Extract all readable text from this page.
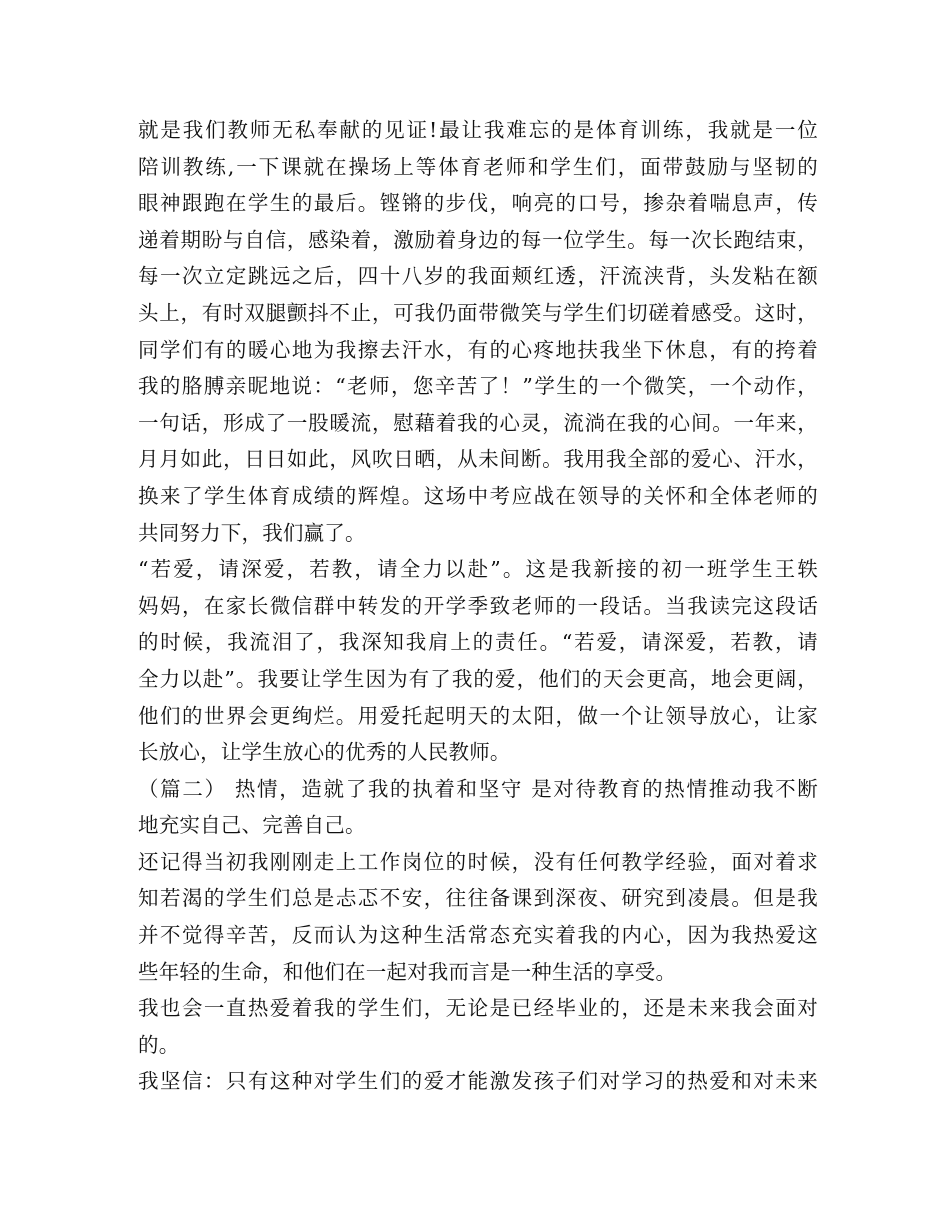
就是我们教师无私奉献的见证!最让我难忘的是体育训练，我就是一位
陪训教练,一下课就在操场上等体育老师和学生们，面带鼓励与坚韧的
眼神跟跑在学生的最后。铿锵的步伐，响亮的口号，掺杂着喘息声，传
递着期盼与自信，感染着，激励着身边的每一位学生。每一次长跑结束，
每一次立定跳远之后，四十八岁的我面颊红透，汗流浃背，头发粘在额
头上，有时双腿颤抖不止，可我仍面带微笑与学生们切磋着感受。这时，
同学们有的暖心地为我擦去汗水，有的心疼地扶我坐下休息，有的挎着
我的胳膊亲昵地说：“老师，您辛苦了！”学生的一个微笑，一个动作，
一句话，形成了一股暖流，慰藉着我的心灵，流淌在我的心间。一年来，
月月如此，日日如此，风吹日晒，从未间断。我用我全部的爱心、汗水，
换来了学生体育成绩的辉煌。这场中考应战在领导的关怀和全体老师的
共同努力下，我们赢了。
“若爱，请深爱，若教，请全力以赴”。这是我新接的初一班学生王轶
妈妈，在家长微信群中转发的开学季致老师的一段话。当我读完这段话
的时候，我流泪了，我深知我肩上的责任。“若爱，请深爱，若教，请
全力以赴”。我要让学生因为有了我的爱，他们的天会更高，地会更阔，
他们的世界会更绚烂。用爱托起明天的太阳，做一个让领导放心，让家
长放心，让学生放心的优秀的人民教师。
（篇二） 热情，造就了我的执着和坚守 是对待教育的热情推动我不断
地充实自己、完善自己。
还记得当初我刚刚走上工作岗位的时候，没有任何教学经验，面对着求
知若渴的学生们总是忐忑不安，往往备课到深夜、研究到凌晨。但是我
并不觉得辛苦，反而认为这种生活常态充实着我的内心，因为我热爱这
些年轻的生命，和他们在一起对我而言是一种生活的享受。
我也会一直热爱着我的学生们，无论是已经毕业的，还是未来我会面对
的。
我坚信：只有这种对学生们的爱才能激发孩子们对学习的热爱和对未来
